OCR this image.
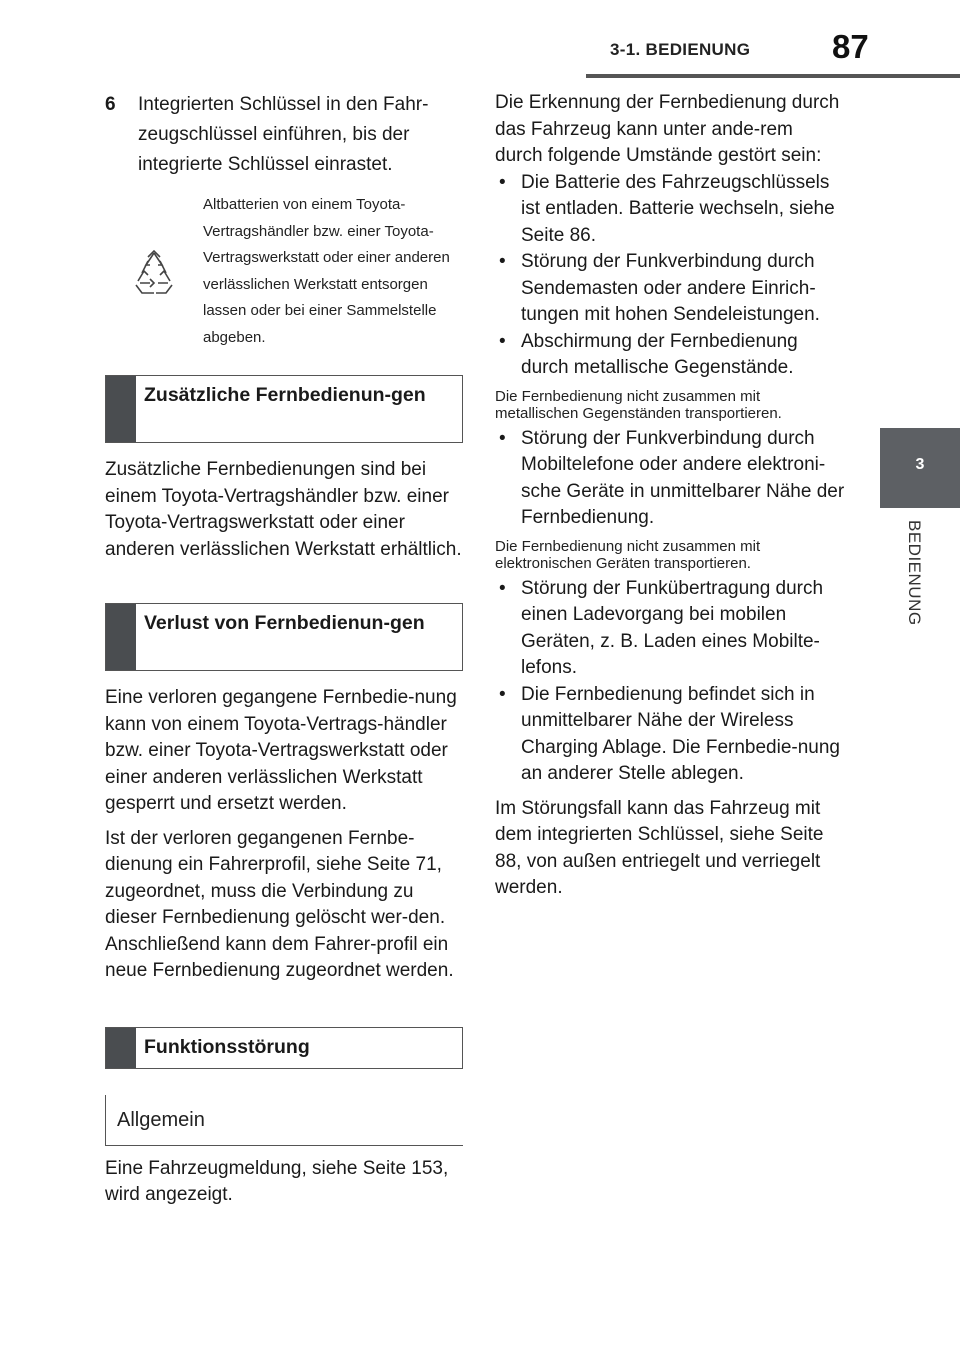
3-1. BEDIENUNG 87
3
BEDIENUNG
6	Integrierten Schlüssel in den Fahr-zeugschlüssel einführen, bis der integrierte Schlüssel einrastet.
Altbatterien von einem Toyota-Vertragshändler bzw. einer Toyota-Vertragswerkstatt oder einer anderen verlässlichen Werkstatt entsorgen lassen oder bei einer Sammelstelle abgeben.
Zusätzliche Fernbedienun-gen

Zusätzliche Fernbedienungen sind bei einem Toyota-Vertragshändler bzw. einer Toyota-Vertragswerkstatt oder einer anderen verlässlichen Werkstatt erhältlich.

Verlust von Fernbedienun-gen

Eine verloren gegangene Fernbedie-nung kann von einem Toyota-Vertrags-händler bzw. einer Toyota-Vertragswerkstatt oder einer anderen verlässlichen Werkstatt gesperrt und ersetzt werden.

Ist der verloren gegangenen Fernbe-dienung ein Fahrerprofil, siehe Seite 71, zugeordnet, muss die Verbindung zu dieser Fernbedienung gelöscht wer-den. Anschließend kann dem Fahrer-profil ein neue Fernbedienung zugeordnet werden.

Funktionsstörung
Allgemein

Eine Fahrzeugmeldung, siehe Seite 153, wird angezeigt.

Die Erkennung der Fernbedienung durch das Fahrzeug kann unter ande-rem durch folgende Umstände gestört sein:

• Die Batterie des Fahrzeugschlüssels ist entladen. Batterie wechseln, siehe Seite 86.
• Störung der Funkverbindung durch Sendemasten oder andere Einrich-tungen mit hohen Sendeleistungen.
• Abschirmung der Fernbedienung durch metallische Gegenstände.
Die Fernbedienung nicht zusammen mit metallischen Gegenständen transportieren.
• Störung der Funkverbindung durch Mobiltelefone oder andere elektroni-sche Geräte in unmittelbarer Nähe der Fernbedienung.
Die Fernbedienung nicht zusammen mit elektronischen Geräten transportieren.
• Störung der Funkübertragung durch einen Ladevorgang bei mobilen Geräten, z. B. Laden eines Mobilte-lefons.
• Die Fernbedienung befindet sich in unmittelbarer Nähe der Wireless Charging Ablage. Die Fernbedie-nung an anderer Stelle ablegen.

Im Störungsfall kann das Fahrzeug mit dem integrierten Schlüssel, siehe Seite 88, von außen entriegelt und verriegelt werden.
